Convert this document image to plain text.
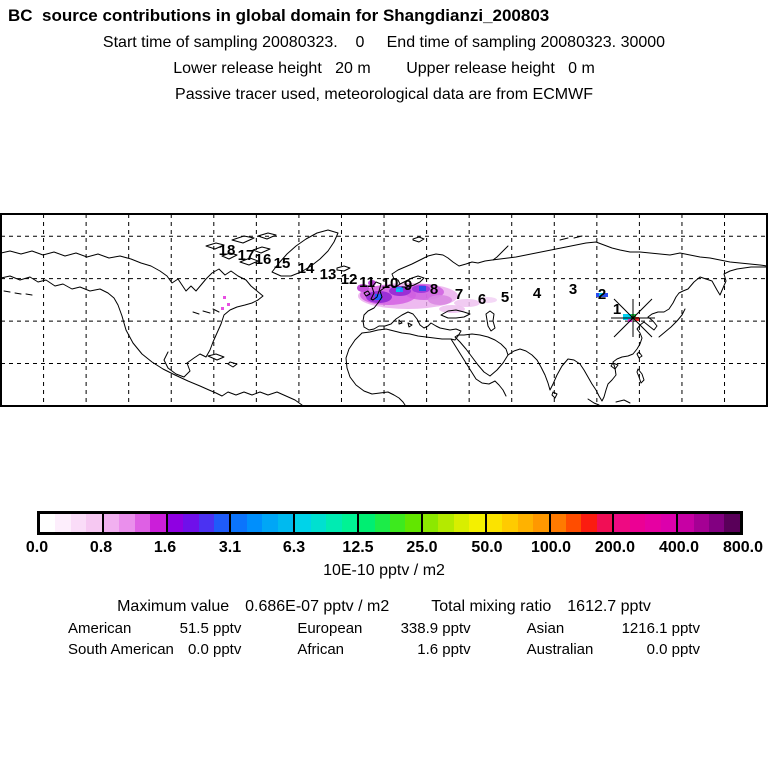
BC  source contributions in global domain for Shangdianzi_200803
Start time of sampling 20080323.    0     End time of sampling 20080323. 30000
Lower release height   20 m        Upper release height   0 m
Passive tracer used, meteorological data are from ECMWF
18 17 16 15 14 13 12 11 10 9 8 7 6 5 4 3 2
1
0.0	0.8	1.6	3.1	6.3 12.5 25.0 50.0 100.0 200.0 400.0 800.0
10E-10 pptv / m2
Maximum value 0.686E-07 pptv / m2	Total mixing ratio 1612.7 pptv
American	51.5 pptv	European	338.9 pptv	Asian	1216.1 pptv
South American 0.0 pptv	African	1.6 pptv	Australian	0.0 pptv
